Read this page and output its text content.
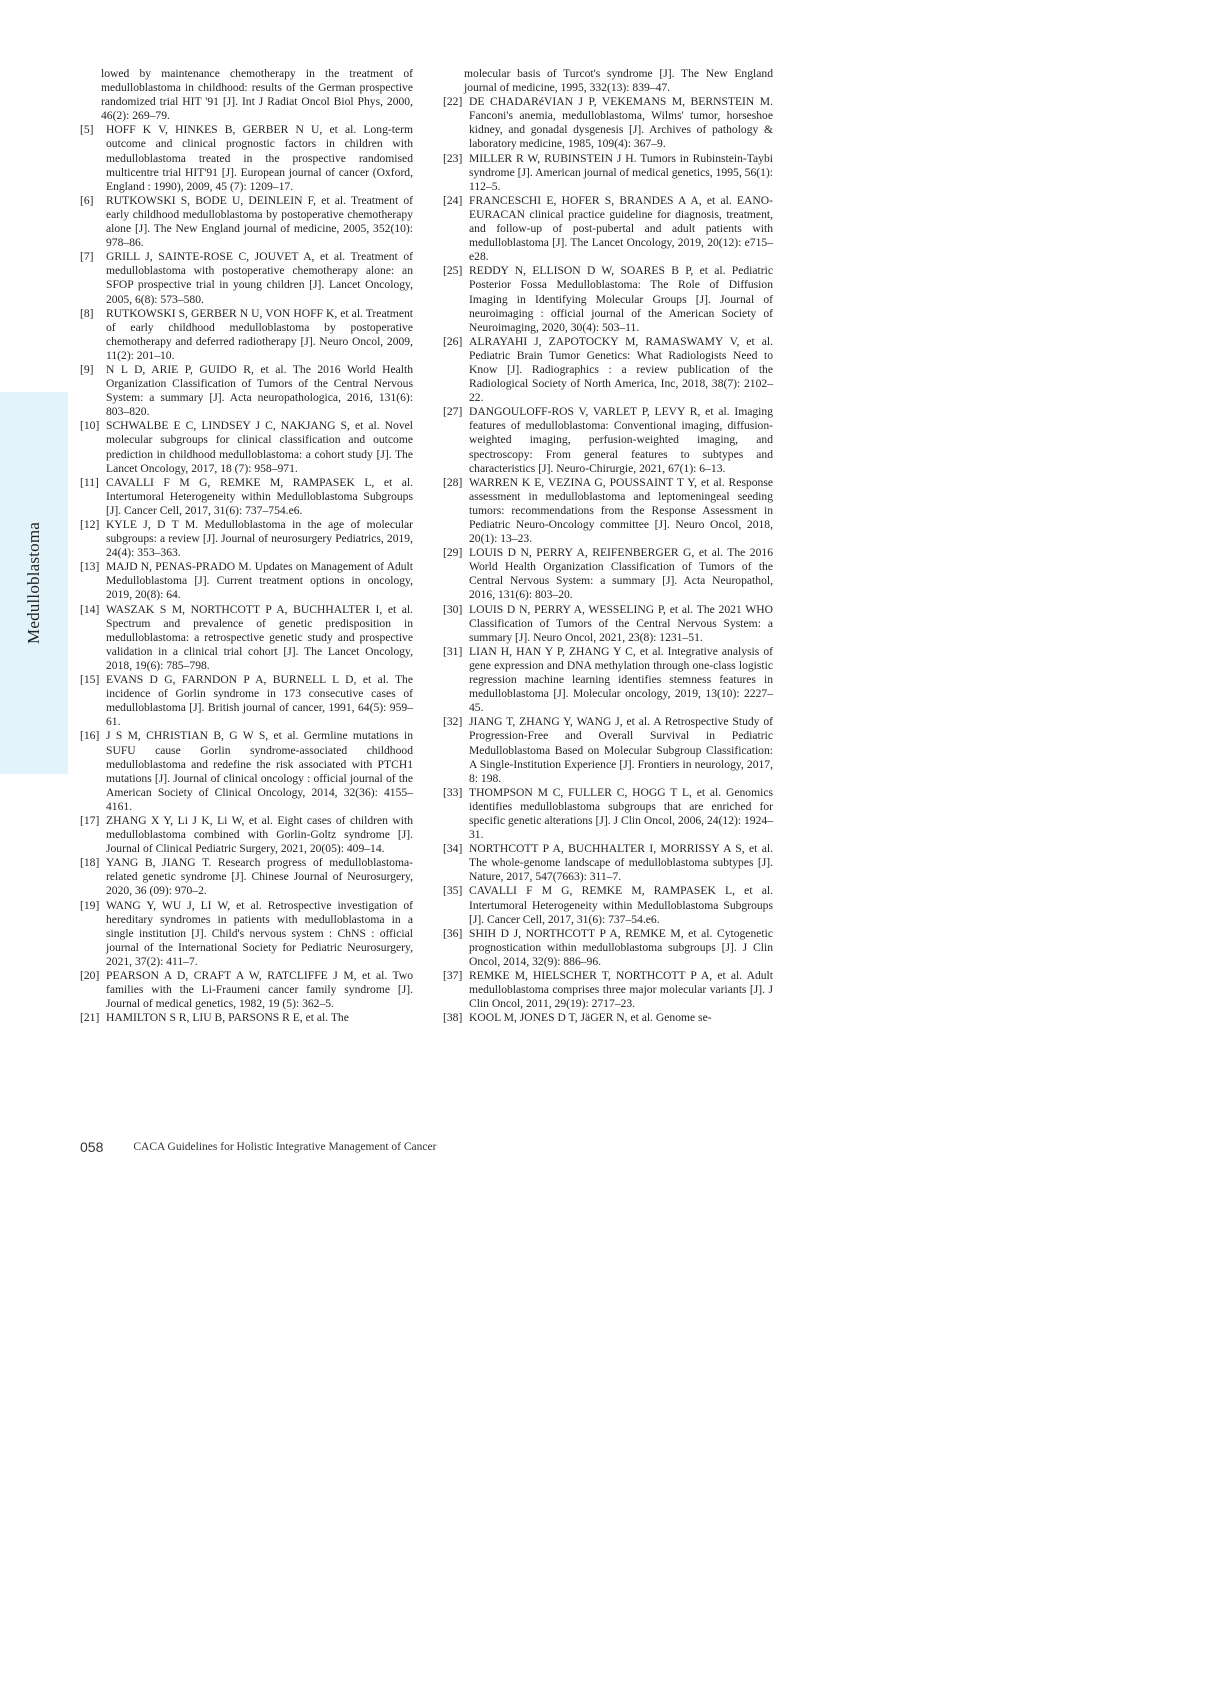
Medulloblastoma
lowed by maintenance chemotherapy in the treatment of medulloblastoma in childhood: results of the German prospective randomized trial HIT '91 [J]. Int J Radiat Oncol Biol Phys, 2000, 46(2): 269–79.
[5]	HOFF K V, HINKES B, GERBER N U, et al. Long-term outcome and clinical prognostic factors in children with medulloblastoma treated in the prospective randomised multicentre trial HIT'91 [J]. European journal of cancer (Oxford, England : 1990), 2009, 45 (7): 1209–17.
[6]	RUTKOWSKI S, BODE U, DEINLEIN F, et al. Treatment of early childhood medulloblastoma by postoperative chemotherapy alone [J]. The New England journal of medicine, 2005, 352(10): 978–86.
[7]	GRILL J, SAINTE-ROSE C, JOUVET A, et al. Treatment of medulloblastoma with postoperative chemotherapy alone: an SFOP prospective trial in young children [J]. Lancet Oncology, 2005, 6(8): 573–580.
[8]	RUTKOWSKI S, GERBER N U, VON HOFF K, et al. Treatment of early childhood medulloblastoma by postoperative chemotherapy and deferred radiotherapy [J]. Neuro Oncol, 2009, 11(2): 201–10.
[9]	N L D, ARIE P, GUIDO R, et al. The 2016 World Health Organization Classification of Tumors of the Central Nervous System: a summary [J]. Acta neuropathologica, 2016, 131(6): 803–820.
[10] SCHWALBE E C, LINDSEY J C, NAKJANG S, et al. Novel molecular subgroups for clinical classification and outcome prediction in childhood medulloblastoma: a cohort study [J]. The Lancet Oncology, 2017, 18 (7): 958–971.
[11] CAVALLI F M G, REMKE M, RAMPASEK L, et al. Intertumoral Heterogeneity within Medulloblastoma Subgroups [J]. Cancer Cell, 2017, 31(6): 737–754.e6.
[12] KYLE J, D T M. Medulloblastoma in the age of molecular subgroups: a review [J]. Journal of neurosurgery Pediatrics, 2019, 24(4): 353–363.
[13] MAJD N, PENAS-PRADO M. Updates on Management of Adult Medulloblastoma [J]. Current treatment options in oncology, 2019, 20(8): 64.
[14] WASZAK S M, NORTHCOTT P A, BUCHHALTER I, et al. Spectrum and prevalence of genetic predisposition in medulloblastoma: a retrospective genetic study and prospective validation in a clinical trial cohort [J]. The Lancet Oncology, 2018, 19(6): 785–798.
[15] EVANS D G, FARNDON P A, BURNELL L D, et al. The incidence of Gorlin syndrome in 173 consecutive cases of medulloblastoma [J]. British journal of cancer, 1991, 64(5): 959–61.
[16] J S M, CHRISTIAN B, G W S, et al. Germline mutations in SUFU cause Gorlin syndrome-associated childhood medulloblastoma and redefine the risk associated with PTCH1 mutations [J]. Journal of clinical oncology : official journal of the American Society of Clinical Oncology, 2014, 32(36): 4155–4161.
[17] ZHANG X Y, Li J K, Li W, et al. Eight cases of children with medulloblastoma combined with Gorlin-Goltz syndrome [J]. Journal of Clinical Pediatric Surgery, 2021, 20(05): 409–14.
[18] YANG B, JIANG T. Research progress of medulloblastoma-related genetic syndrome [J]. Chinese Journal of Neurosurgery, 2020, 36 (09): 970–2.
[19] WANG Y, WU J, LI W, et al. Retrospective investigation of hereditary syndromes in patients with medulloblastoma in a single institution [J]. Child's nervous system : ChNS : official journal of the International Society for Pediatric Neurosurgery, 2021, 37(2): 411–7.
[20] PEARSON A D, CRAFT A W, RATCLIFFE J M, et al. Two families with the Li-Fraumeni cancer family syndrome [J]. Journal of medical genetics, 1982, 19 (5): 362–5.
[21] HAMILTON S R, LIU B, PARSONS R E, et al. The
molecular basis of Turcot's syndrome [J]. The New England journal of medicine, 1995, 332(13): 839–47.
[22] DE CHADARéVIAN J P, VEKEMANS M, BERNSTEIN M. Fanconi's anemia, medulloblastoma, Wilms' tumor, horseshoe kidney, and gonadal dysgenesis [J]. Archives of pathology & laboratory medicine, 1985, 109(4): 367–9.
[23] MILLER R W, RUBINSTEIN J H. Tumors in Rubinstein-Taybi syndrome [J]. American journal of medical genetics, 1995, 56(1): 112–5.
[24] FRANCESCHI E, HOFER S, BRANDES A A, et al. EANO-EURACAN clinical practice guideline for diagnosis, treatment, and follow-up of post-pubertal and adult patients with medulloblastoma [J]. The Lancet Oncology, 2019, 20(12): e715–e28.
[25] REDDY N, ELLISON D W, SOARES B P, et al. Pediatric Posterior Fossa Medulloblastoma: The Role of Diffusion Imaging in Identifying Molecular Groups [J]. Journal of neuroimaging : official journal of the American Society of Neuroimaging, 2020, 30(4): 503–11.
[26] ALRAYAHI J, ZAPOTOCKY M, RAMASWAMY V, et al. Pediatric Brain Tumor Genetics: What Radiologists Need to Know [J]. Radiographics : a review publication of the Radiological Society of North America, Inc, 2018, 38(7): 2102–22.
[27] DANGOULOFF-ROS V, VARLET P, LEVY R, et al. Imaging features of medulloblastoma: Conventional imaging, diffusion-weighted imaging, perfusion-weighted imaging, and spectroscopy: From general features to subtypes and characteristics [J]. Neuro-Chirurgie, 2021, 67(1): 6–13.
[28] WARREN K E, VEZINA G, POUSSAINT T Y, et al. Response assessment in medulloblastoma and leptomeningeal seeding tumors: recommendations from the Response Assessment in Pediatric Neuro-Oncology committee [J]. Neuro Oncol, 2018, 20(1): 13–23.
[29] LOUIS D N, PERRY A, REIFENBERGER G, et al. The 2016 World Health Organization Classification of Tumors of the Central Nervous System: a summary [J]. Acta Neuropathol, 2016, 131(6): 803–20.
[30] LOUIS D N, PERRY A, WESSELING P, et al. The 2021 WHO Classification of Tumors of the Central Nervous System: a summary [J]. Neuro Oncol, 2021, 23(8): 1231–51.
[31] LIAN H, HAN Y P, ZHANG Y C, et al. Integrative analysis of gene expression and DNA methylation through one-class logistic regression machine learning identifies stemness features in medulloblastoma [J]. Molecular oncology, 2019, 13(10): 2227–45.
[32] JIANG T, ZHANG Y, WANG J, et al. A Retrospective Study of Progression-Free and Overall Survival in Pediatric Medulloblastoma Based on Molecular Subgroup Classification: A Single-Institution Experience [J]. Frontiers in neurology, 2017, 8: 198.
[33] THOMPSON M C, FULLER C, HOGG T L, et al. Genomics identifies medulloblastoma subgroups that are enriched for specific genetic alterations [J]. J Clin Oncol, 2006, 24(12): 1924–31.
[34] NORTHCOTT P A, BUCHHALTER I, MORRISSY A S, et al. The whole-genome landscape of medulloblastoma subtypes [J]. Nature, 2017, 547(7663): 311–7.
[35] CAVALLI F M G, REMKE M, RAMPASEK L, et al. Intertumoral Heterogeneity within Medulloblastoma Subgroups [J]. Cancer Cell, 2017, 31(6): 737–54.e6.
[36] SHIH D J, NORTHCOTT P A, REMKE M, et al. Cytogenetic prognostication within medulloblastoma subgroups [J]. J Clin Oncol, 2014, 32(9): 886–96.
[37] REMKE M, HIELSCHER T, NORTHCOTT P A, et al. Adult medulloblastoma comprises three major molecular variants [J]. J Clin Oncol, 2011, 29(19): 2717–23.
[38] KOOL M, JONES D T, JäGER N, et al. Genome se-
058	CACA Guidelines for Holistic Integrative Management of Cancer
